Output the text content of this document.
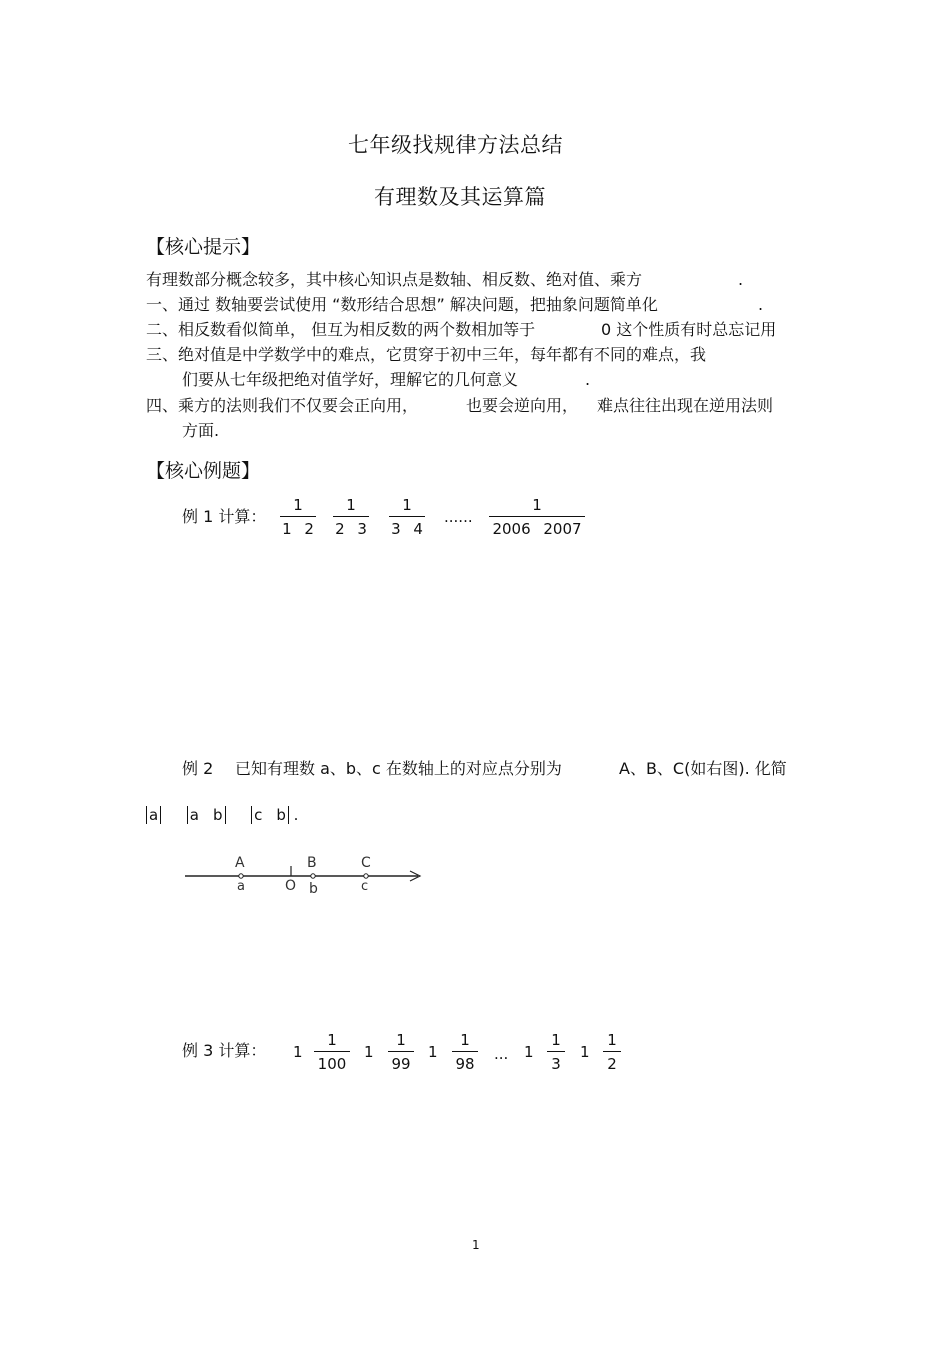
七年级找规律方法总结
有理数及其运算篇
【核心提示】
有理数部分概念较多，其中核心知识点是数轴、相反数、绝对值、乘方	.
一、通过 数轴要尝试使用 “数形结合思想” 解决问题，把抽象问题简单化	.
二、相反数看似简单， 但互为相反数的两个数相加等于	0 这个性质有时总忘记用
三、绝对值是中学数学中的难点，它贯穿于初中三年，每年都有不同的难点，我
们要从七年级把绝对值学好，理解它的几何意义	.
四、乘方的法则我们不仅要会正向用，	也要会逆向用， 难点往往出现在逆用法则
方面.
【核心例题】
例 1 计算：
1
1 2
1
2 3
1
3 4
......
1
2006 2007
例 2 已知有理数 a、b、c 在数轴上的对应点分别为	A、B、C(如右图). 化简
a a b c b .
A	B	C
a	O b	c
例 3 计算： 1
1
100
1
1
99
1
1
98
... 1
1
3
1
1
2
1
